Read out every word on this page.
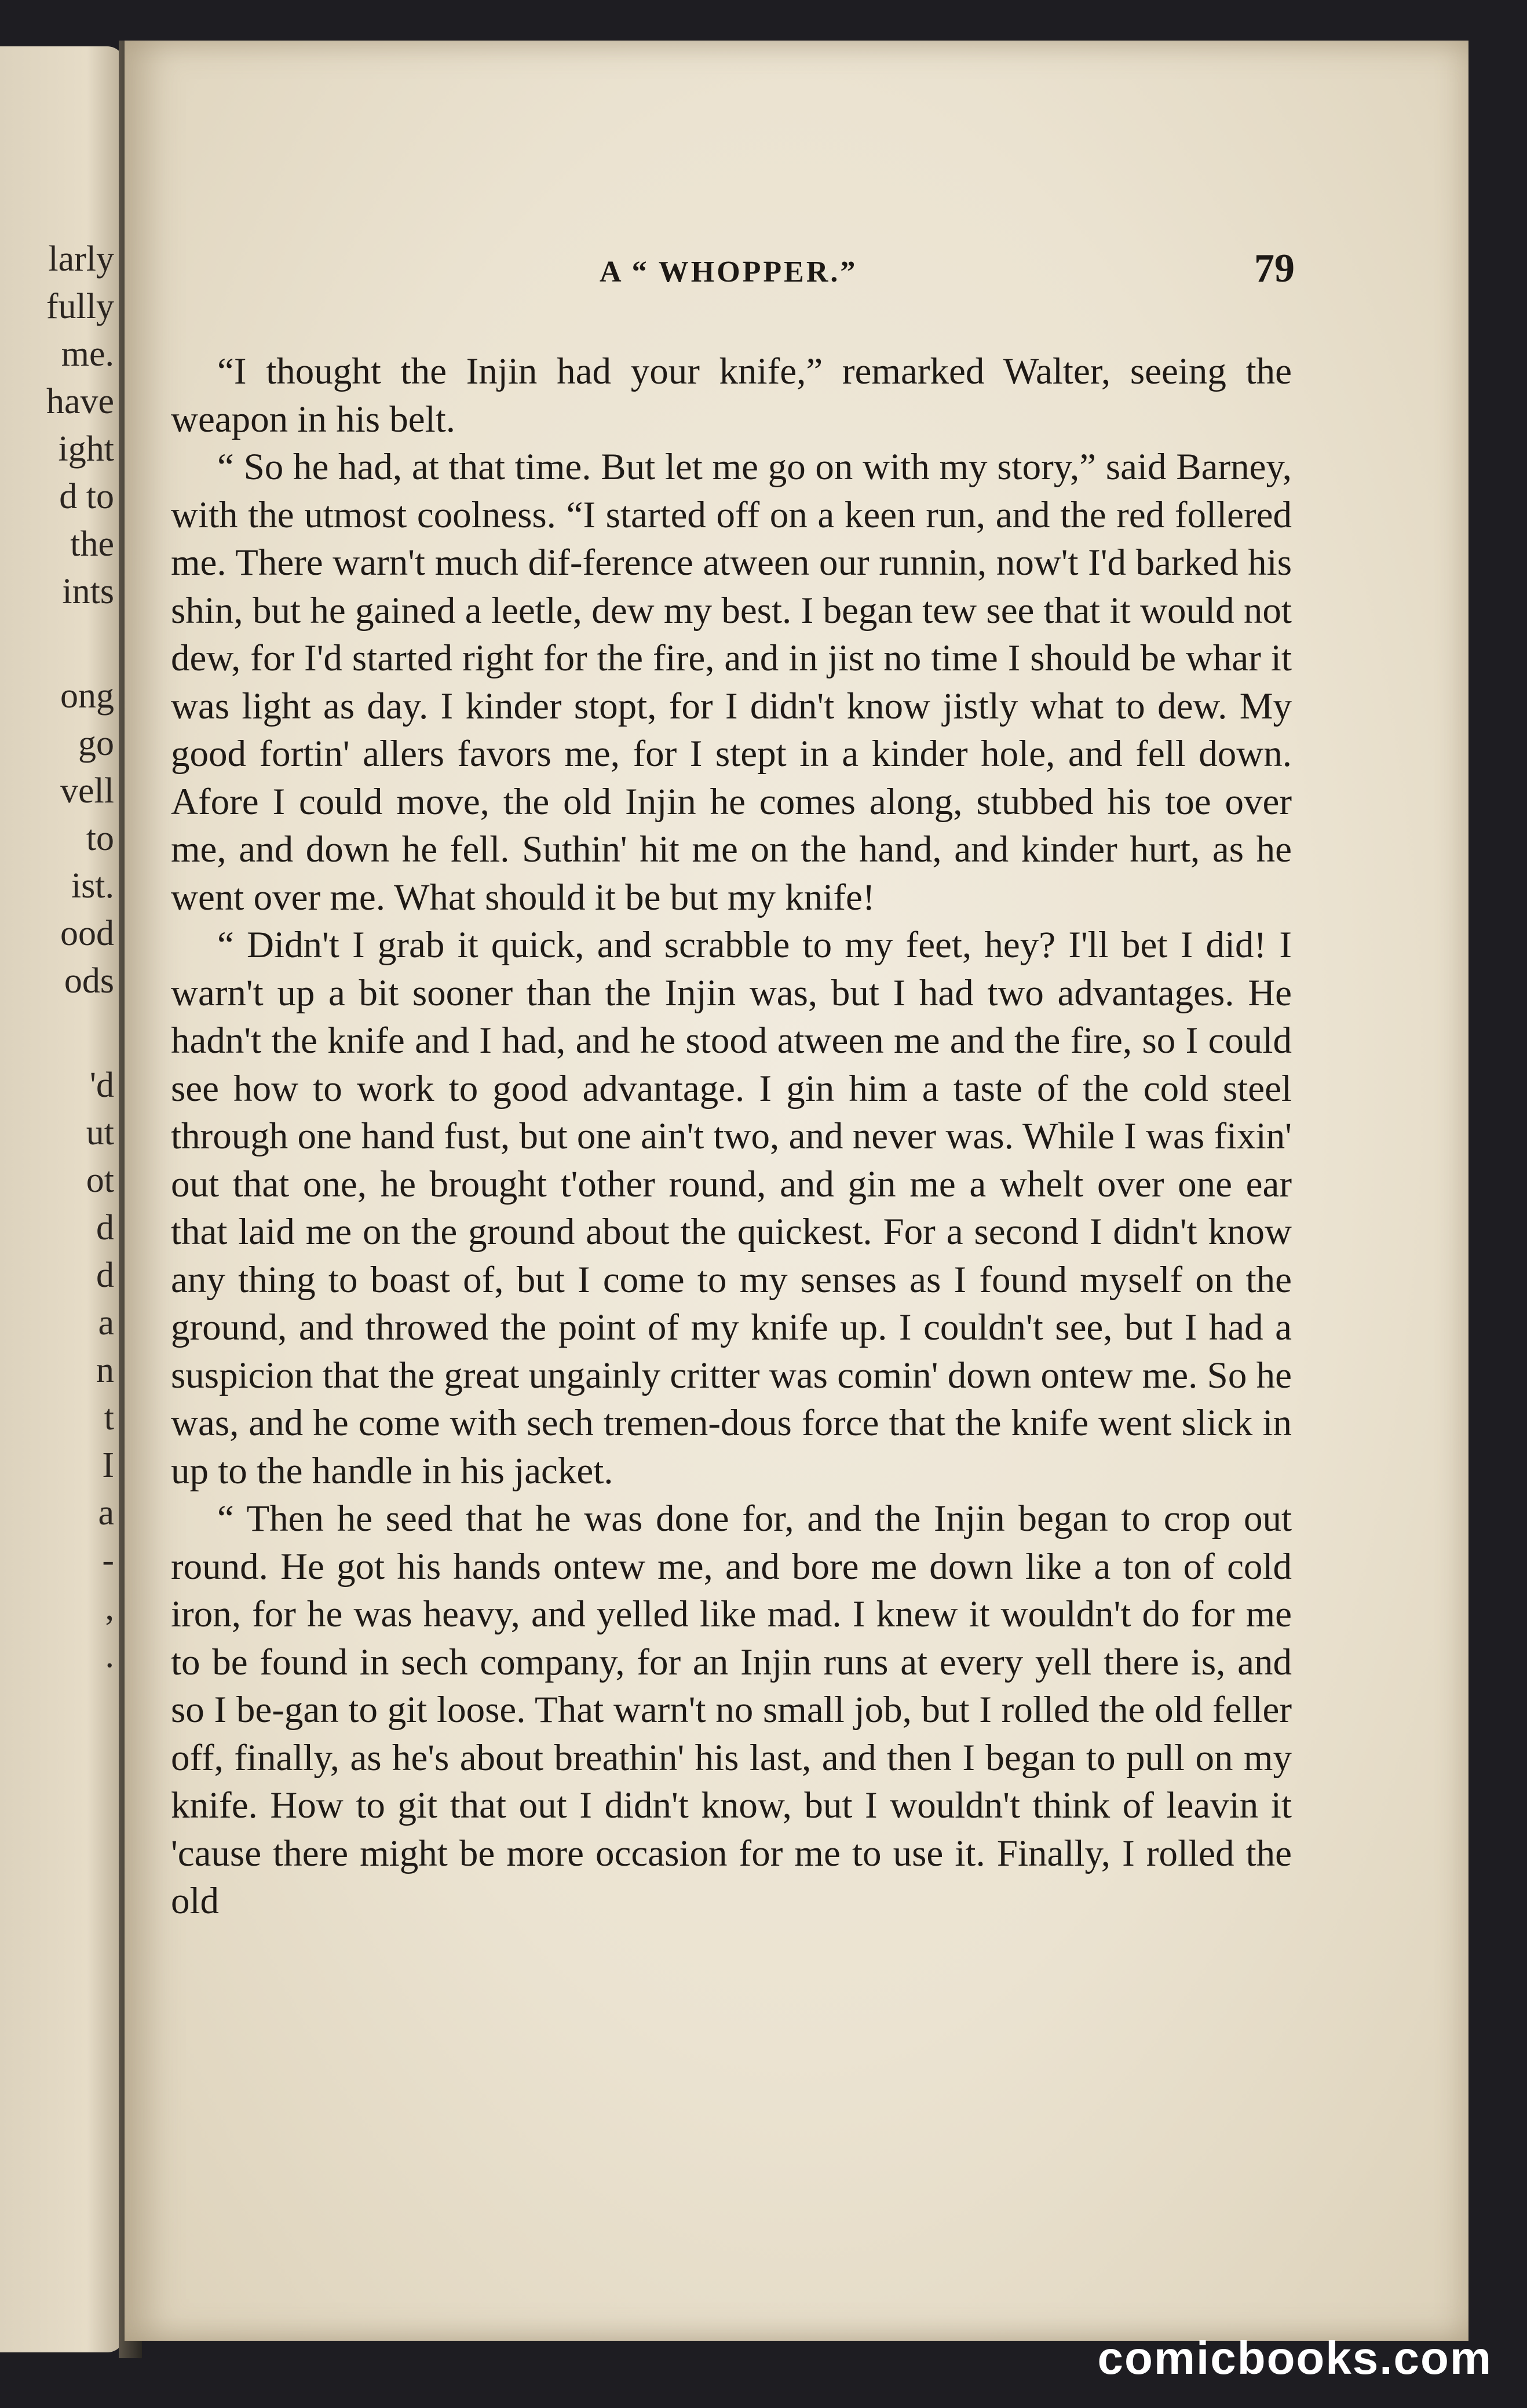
larly
fully
me.
have
ight
d to
the
ints
ong
go
vell
to
ist.
ood
ods
'd
ut
ot
d
d
a
n
t
I
a
-
,
.
A “ WHOPPER.”	79

“I thought the Injin had your knife,” remarked Walter, seeing the weapon in his belt.

“ So he had, at that time. But let me go on with my story,” said Barney, with the utmost coolness. “I started off on a keen run, and the red follered me. There warn't much dif-ference atween our runnin, now't I'd barked his shin, but he gained a leetle, dew my best. I began tew see that it would not dew, for I'd started right for the fire, and in jist no time I should be whar it was light as day. I kinder stopt, for I didn't know jistly what to dew. My good fortin' allers favors me, for I stept in a kinder hole, and fell down. Afore I could move, the old Injin he comes along, stubbed his toe over me, and down he fell. Suthin' hit me on the hand, and kinder hurt, as he went over me. What should it be but my knife!

“ Didn't I grab it quick, and scrabble to my feet, hey? I'll bet I did! I warn't up a bit sooner than the Injin was, but I had two advantages. He hadn't the knife and I had, and he stood atween me and the fire, so I could see how to work to good advantage. I gin him a taste of the cold steel through one hand fust, but one ain't two, and never was. While I was fixin' out that one, he brought t'other round, and gin me a whelt over one ear that laid me on the ground about the quickest. For a second I didn't know any thing to boast of, but I come to my senses as I found myself on the ground, and throwed the point of my knife up. I couldn't see, but I had a suspicion that the great ungainly critter was comin' down ontew me. So he was, and he come with sech tremen-dous force that the knife went slick in up to the handle in his jacket.

“ Then he seed that he was done for, and the Injin began to crop out round. He got his hands ontew me, and bore me down like a ton of cold iron, for he was heavy, and yelled like mad. I knew it wouldn't do for me to be found in sech company, for an Injin runs at every yell there is, and so I be-gan to git loose. That warn't no small job, but I rolled the old feller off, finally, as he's about breathin' his last, and then I began to pull on my knife. How to git that out I didn't know, but I wouldn't think of leavin it 'cause there might be more occasion for me to use it. Finally, I rolled the old

comicbooks.com
